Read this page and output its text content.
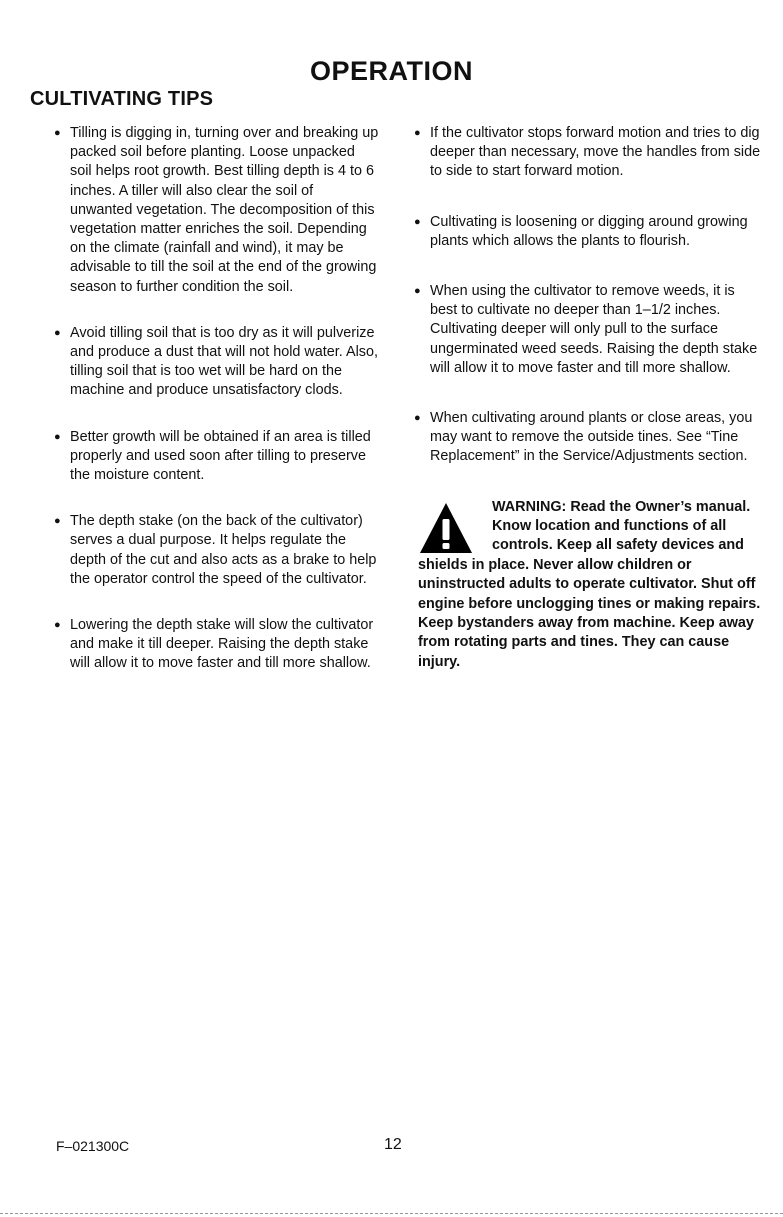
OPERATION
CULTIVATING TIPS
● Tilling is digging in, turning over and breaking up packed soil before planting. Loose unpacked soil helps root growth. Best tilling depth is 4 to 6 inches. A tiller will also clear the soil of unwanted vegetation. The decomposition of this vegetation matter enriches the soil. Depending on the climate (rainfall and wind), it may be advisable to till the soil at the end of the growing season to further condition the soil.
● Avoid tilling soil that is too dry as it will pulverize and produce a dust that will not hold water. Also, tilling soil that is too wet will be hard on the machine and produce unsatisfactory clods.
● Better growth will be obtained if an area is tilled properly and used soon after tilling to preserve the moisture content.
● The depth stake (on the back of the cultivator) serves a dual purpose. It helps regulate the depth of the cut and also acts as a brake to help the operator control the speed of the cultivator.
● Lowering the depth stake will slow the cultivator and make it till deeper. Raising the depth stake will allow it to move faster and till more shallow.
● If the cultivator stops forward motion and tries to dig deeper than necessary, move the handles from side to side to start forward motion.
● Cultivating is loosening or digging around growing plants which allows the plants to flourish.
● When using the cultivator to remove weeds, it is best to cultivate no deeper than 1–1/2 inches. Cultivating deeper will only pull to the surface ungerminated weed seeds. Raising the depth stake will allow it to move faster and till more shallow.
● When cultivating around plants or close areas, you may want to remove the outside tines. See “Tine Replacement” in the Service/Adjustments section.
WARNING: Read the Owner’s manual. Know location and functions of all controls. Keep all safety devices and shields in place. Never allow children or uninstructed adults to operate cultivator. Shut off engine before unclogging tines or making repairs. Keep bystanders away from machine. Keep away from rotating parts and tines. They can cause injury.
F–021300C	12
